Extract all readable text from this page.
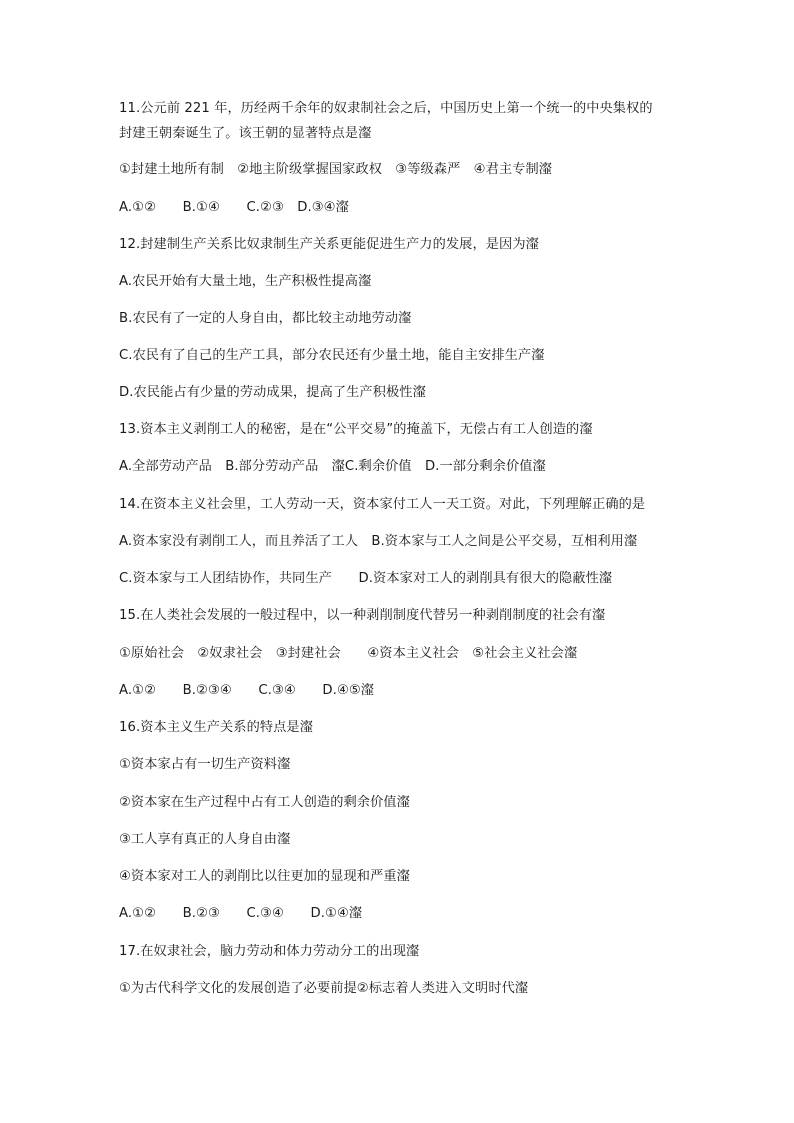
11.公元前 221 年，历经两千余年的奴隶制社会之后，中国历史上第一个统一的中央集权的
封建王朝秦诞生了。该王朝的显著特点是瀣
①封建土地所有制　②地主阶级掌握国家政权　③等级森严　④君主专制瀣
A.①②　　B.①④　　C.②③　D.③④瀣
12.封建制生产关系比奴隶制生产关系更能促进生产力的发展，是因为瀣
A.农民开始有大量土地，生产积极性提高瀣
B.农民有了一定的人身自由，都比较主动地劳动瀣
C.农民有了自己的生产工具，部分农民还有少量土地，能自主安排生产瀣
D.农民能占有少量的劳动成果，提高了生产积极性瀣
13.资本主义剥削工人的秘密，是在“公平交易”的掩盖下，无偿占有工人创造的瀣
A.全部劳动产品　B.部分劳动产品　瀣C.剩余价值　D.一部分剩余价值瀣
14.在资本主义社会里，工人劳动一天，资本家付工人一天工资。对此，下列理解正确的是
A.资本家没有剥削工人，而且养活了工人　B.资本家与工人之间是公平交易，互相利用瀣
C.资本家与工人团结协作，共同生产　　D.资本家对工人的剥削具有很大的隐蔽性瀣
15.在人类社会发展的一般过程中，以一种剥削制度代替另一种剥削制度的社会有瀣
①原始社会　②奴隶社会　③封建社会　　④资本主义社会　⑤社会主义社会瀣
A.①②　　B.②③④　　C.③④　　D.④⑤瀣
16.资本主义生产关系的特点是瀣
①资本家占有一切生产资料瀣
②资本家在生产过程中占有工人创造的剩余价值瀣
③工人享有真正的人身自由瀣
④资本家对工人的剥削比以往更加的显现和严重瀣
A.①②　　B.②③　　C.③④　　D.①④瀣
17.在奴隶社会，脑力劳动和体力劳动分工的出现瀣
①为古代科学文化的发展创造了必要前提②标志着人类进入文明时代瀣
